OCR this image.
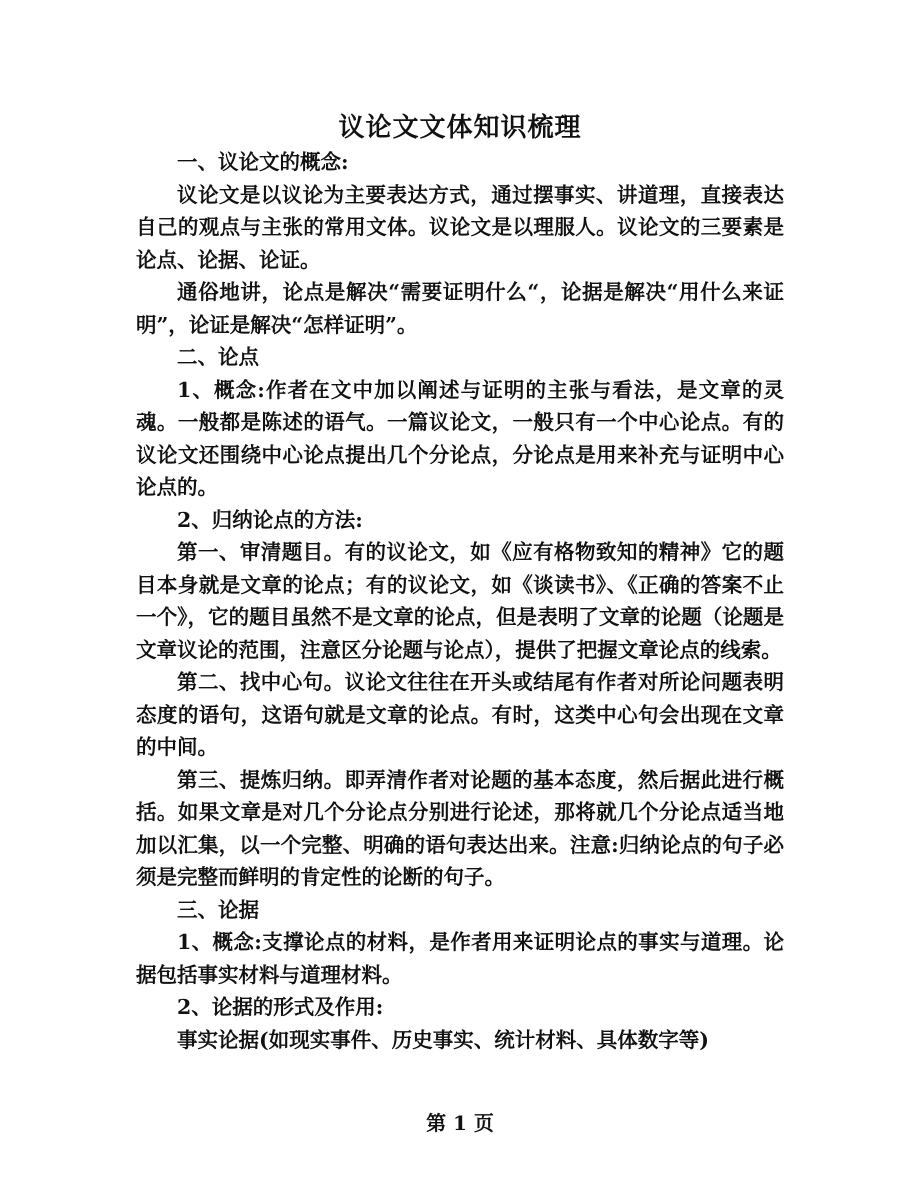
议论文文体知识梳理

一、议论文的概念:

议论文是以议论为主要表达方式，通过摆事实、讲道理，直接表达自己的观点与主张的常用文体。议论文是以理服人。议论文的三要素是论点、论据、论证。

通俗地讲，论点是解决“需要证明什么“，论据是解决“用什么来证明”，论证是解决“怎样证明”。

二、论点

1、概念:作者在文中加以阐述与证明的主张与看法，是文章的灵魂。一般都是陈述的语气。一篇议论文，一般只有一个中心论点。有的议论文还围绕中心论点提出几个分论点，分论点是用来补充与证明中心论点的。

2、归纳论点的方法:

第一、审清题目。有的议论文，如《应有格物致知的精神》它的题目本身就是文章的论点；有的议论文，如《谈读书》、《正确的答案不止一个》，它的题目虽然不是文章的论点，但是表明了文章的论题（论题是文章议论的范围，注意区分论题与论点），提供了把握文章论点的线索。

第二、找中心句。议论文往往在开头或结尾有作者对所论问题表明态度的语句，这语句就是文章的论点。有时，这类中心句会出现在文章的中间。

第三、提炼归纳。即弄清作者对论题的基本态度，然后据此进行概括。如果文章是对几个分论点分别进行论述，那将就几个分论点适当地加以汇集，以一个完整、明确的语句表达出来。注意:归纳论点的句子必须是完整而鲜明的肯定性的论断的句子。

三、论据

1、概念:支撑论点的材料，是作者用来证明论点的事实与道理。论据包括事实材料与道理材料。

2、论据的形式及作用:

事实论据(如现实事件、历史事实、统计材料、具体数字等)

第 1 页
